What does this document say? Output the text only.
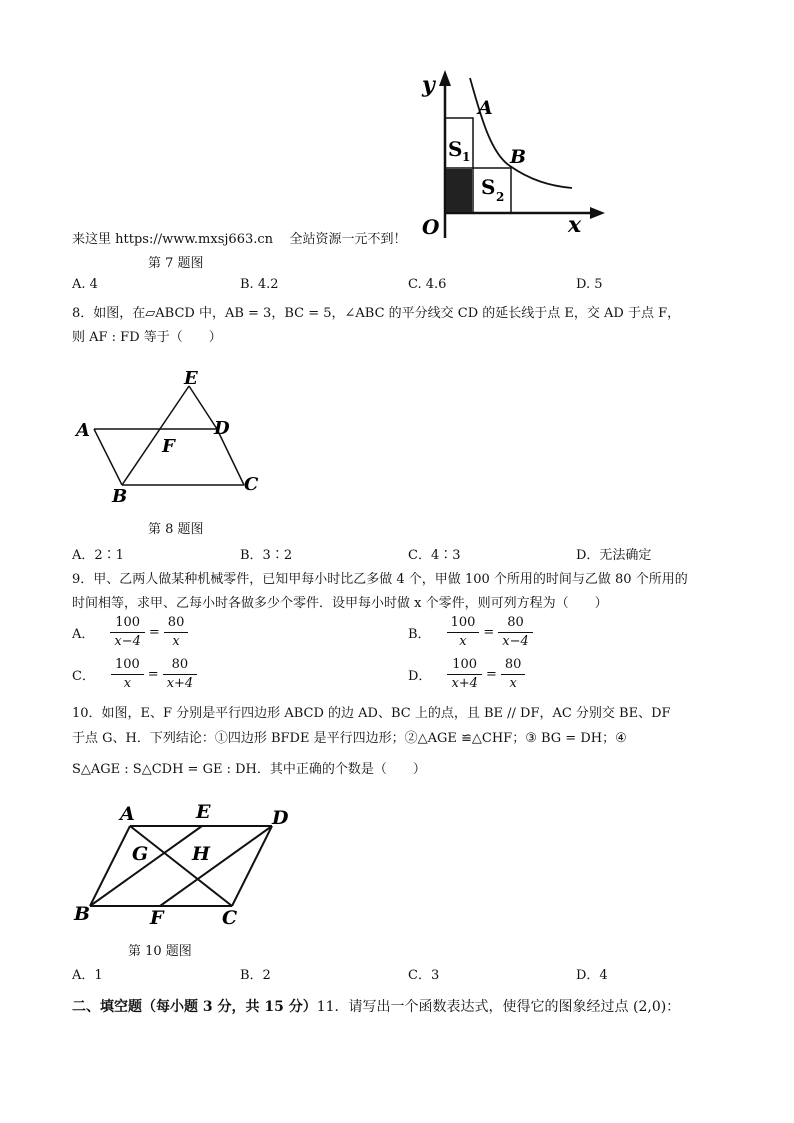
y
x
O
A
B
S 1
S 2
来这里 https://www.mxsj663.cn    全站资源一元不到！
第 7 题图
A. 4	B. 4.2	C. 4.6	D. 5
8．如图，在▱ABCD 中，AB = 3，BC = 5，∠ABC 的平分线交 CD 的延长线于点 E，交 AD 于点 F，
则 AF : FD 等于（　　）
A
B
C
D
E
F
第 8 题图
A．2∶1	B．3∶2	C．4∶3	D．无法确定
9．甲、乙两人做某种机械零件，已知甲每小时比乙多做 4 个，甲做 100 个所用的时间与乙做 80 个所用的
时间相等，求甲、乙每小时各做多少个零件．设甲每小时做 x 个零件，则可列方程为（　　）
A． $\frac{100}{x-4} = \frac{80}{x}$	B． $\frac{100}{x} = \frac{80}{x-4}$
C． $\frac{100}{x} = \frac{80}{x+4}$	D． $\frac{100}{x+4} = \frac{80}{x}$
10．如图，E、F 分别是平行四边形 ABCD 的边 AD、BC 上的点，且 BE // DF，AC 分别交 BE、DF
于点 G、H．下列结论：①四边形 BFDE 是平行四边形；②△AGE ≌△CHF；③ BG = DH；④
S△AGE : S△CDH = GE : DH．其中正确的个数是（　　）
A
B	C
D
E
F
G H
第 10 题图
A．1	B．2	C．3	D．4
二、填空题（每小题 3 分，共 15 分）11．请写出一个函数表达式，使得它的图象经过点 (2,0)：
